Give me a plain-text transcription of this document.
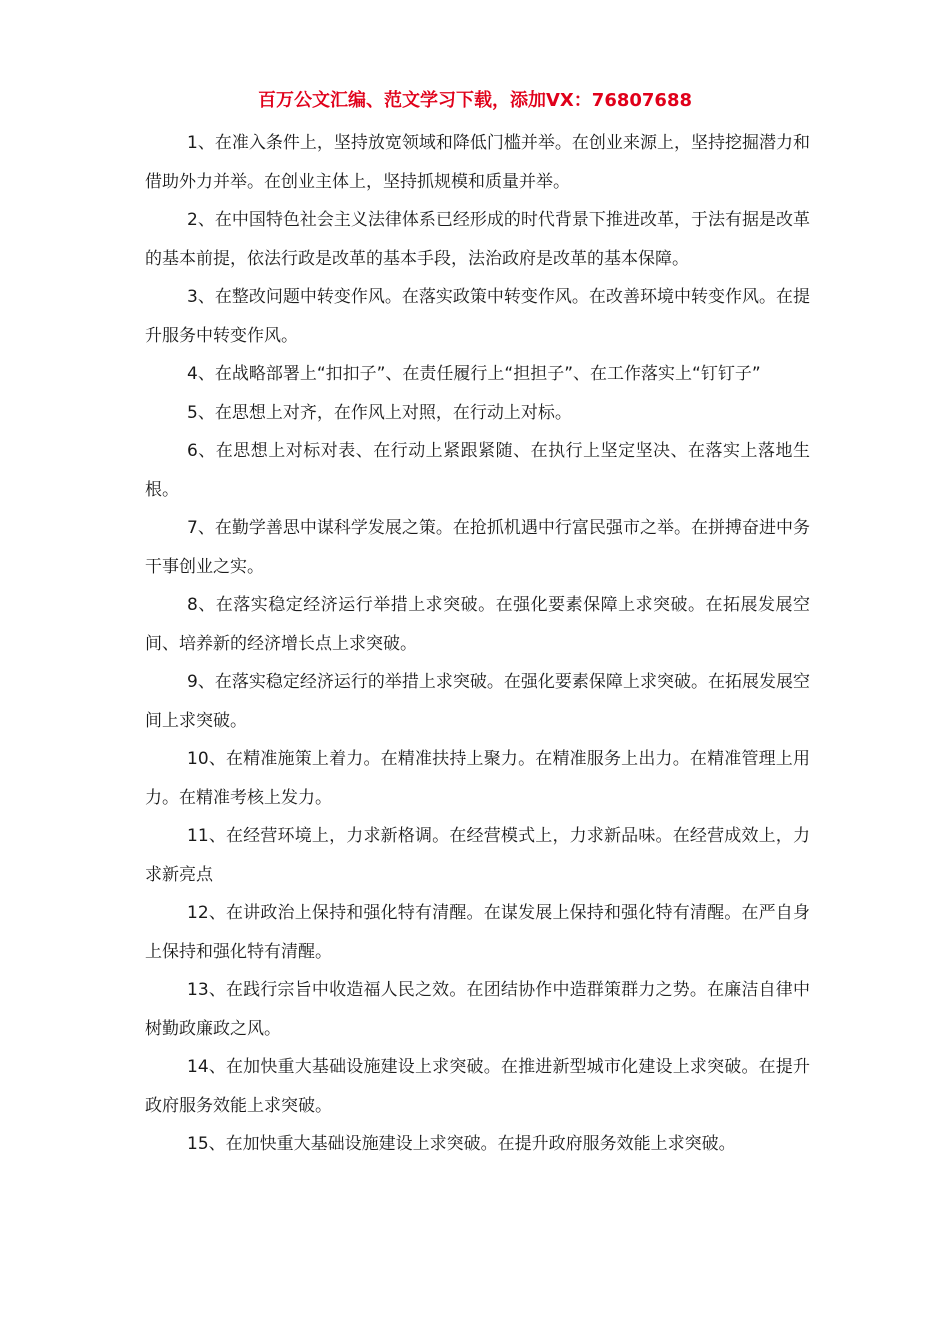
百万公文汇编、范文学习下载，添加VX：76807688

1、在准入条件上，坚持放宽领域和降低门槛并举。在创业来源上，坚持挖掘潜力和借助外力并举。在创业主体上，坚持抓规模和质量并举。

2、在中国特色社会主义法律体系已经形成的时代背景下推进改革，于法有据是改革的基本前提，依法行政是改革的基本手段，法治政府是改革的基本保障。

3、在整改问题中转变作风。在落实政策中转变作风。在改善环境中转变作风。在提升服务中转变作风。

4、在战略部署上“扣扣子”、在责任履行上“担担子”、在工作落实上“钉钉子”

5、在思想上对齐，在作风上对照，在行动上对标。

6、在思想上对标对表、在行动上紧跟紧随、在执行上坚定坚决、在落实上落地生根。

7、在勤学善思中谋科学发展之策。在抢抓机遇中行富民强市之举。在拼搏奋进中务干事创业之实。

8、在落实稳定经济运行举措上求突破。在强化要素保障上求突破。在拓展发展空间、培养新的经济增长点上求突破。

9、在落实稳定经济运行的举措上求突破。在强化要素保障上求突破。在拓展发展空间上求突破。

10、在精准施策上着力。在精准扶持上聚力。在精准服务上出力。在精准管理上用力。在精准考核上发力。

11、在经营环境上，力求新格调。在经营模式上，力求新品味。在经营成效上，力求新亮点

12、在讲政治上保持和强化特有清醒。在谋发展上保持和强化特有清醒。在严自身上保持和强化特有清醒。

13、在践行宗旨中收造福人民之效。在团结协作中造群策群力之势。在廉洁自律中树勤政廉政之风。

14、在加快重大基础设施建设上求突破。在推进新型城市化建设上求突破。在提升政府服务效能上求突破。

15、在加快重大基础设施建设上求突破。在提升政府服务效能上求突破。
